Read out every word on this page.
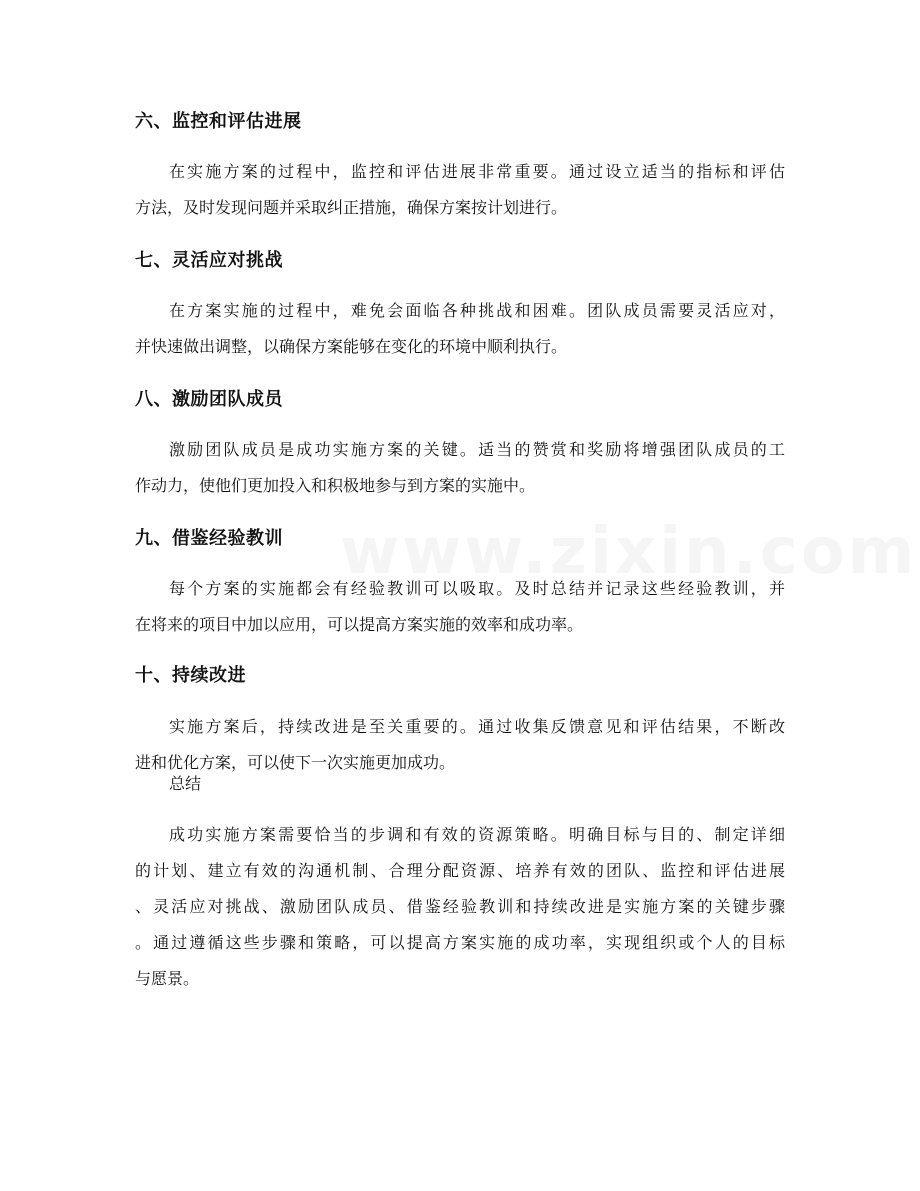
六、监控和评估进展
在实施方案的过程中，监控和评估进展非常重要。通过设立适当的指标和评估
方法，及时发现问题并采取纠正措施，确保方案按计划进行。
七、灵活应对挑战
在方案实施的过程中，难免会面临各种挑战和困难。团队成员需要灵活应对，
并快速做出调整，以确保方案能够在变化的环境中顺利执行。
八、激励团队成员
激励团队成员是成功实施方案的关键。适当的赞赏和奖励将增强团队成员的工
作动力，使他们更加投入和积极地参与到方案的实施中。
九、借鉴经验教训
每个方案的实施都会有经验教训可以吸取。及时总结并记录这些经验教训，并
在将来的项目中加以应用，可以提高方案实施的效率和成功率。
十、持续改进
实施方案后，持续改进是至关重要的。通过收集反馈意见和评估结果，不断改
进和优化方案，可以使下一次实施更加成功。
总结
成功实施方案需要恰当的步调和有效的资源策略。明确目标与目的、制定详细
的计划、建立有效的沟通机制、合理分配资源、培养有效的团队、监控和评估进展
、灵活应对挑战、激励团队成员、借鉴经验教训和持续改进是实施方案的关键步骤
。通过遵循这些步骤和策略，可以提高方案实施的成功率，实现组织或个人的目标
与愿景。
